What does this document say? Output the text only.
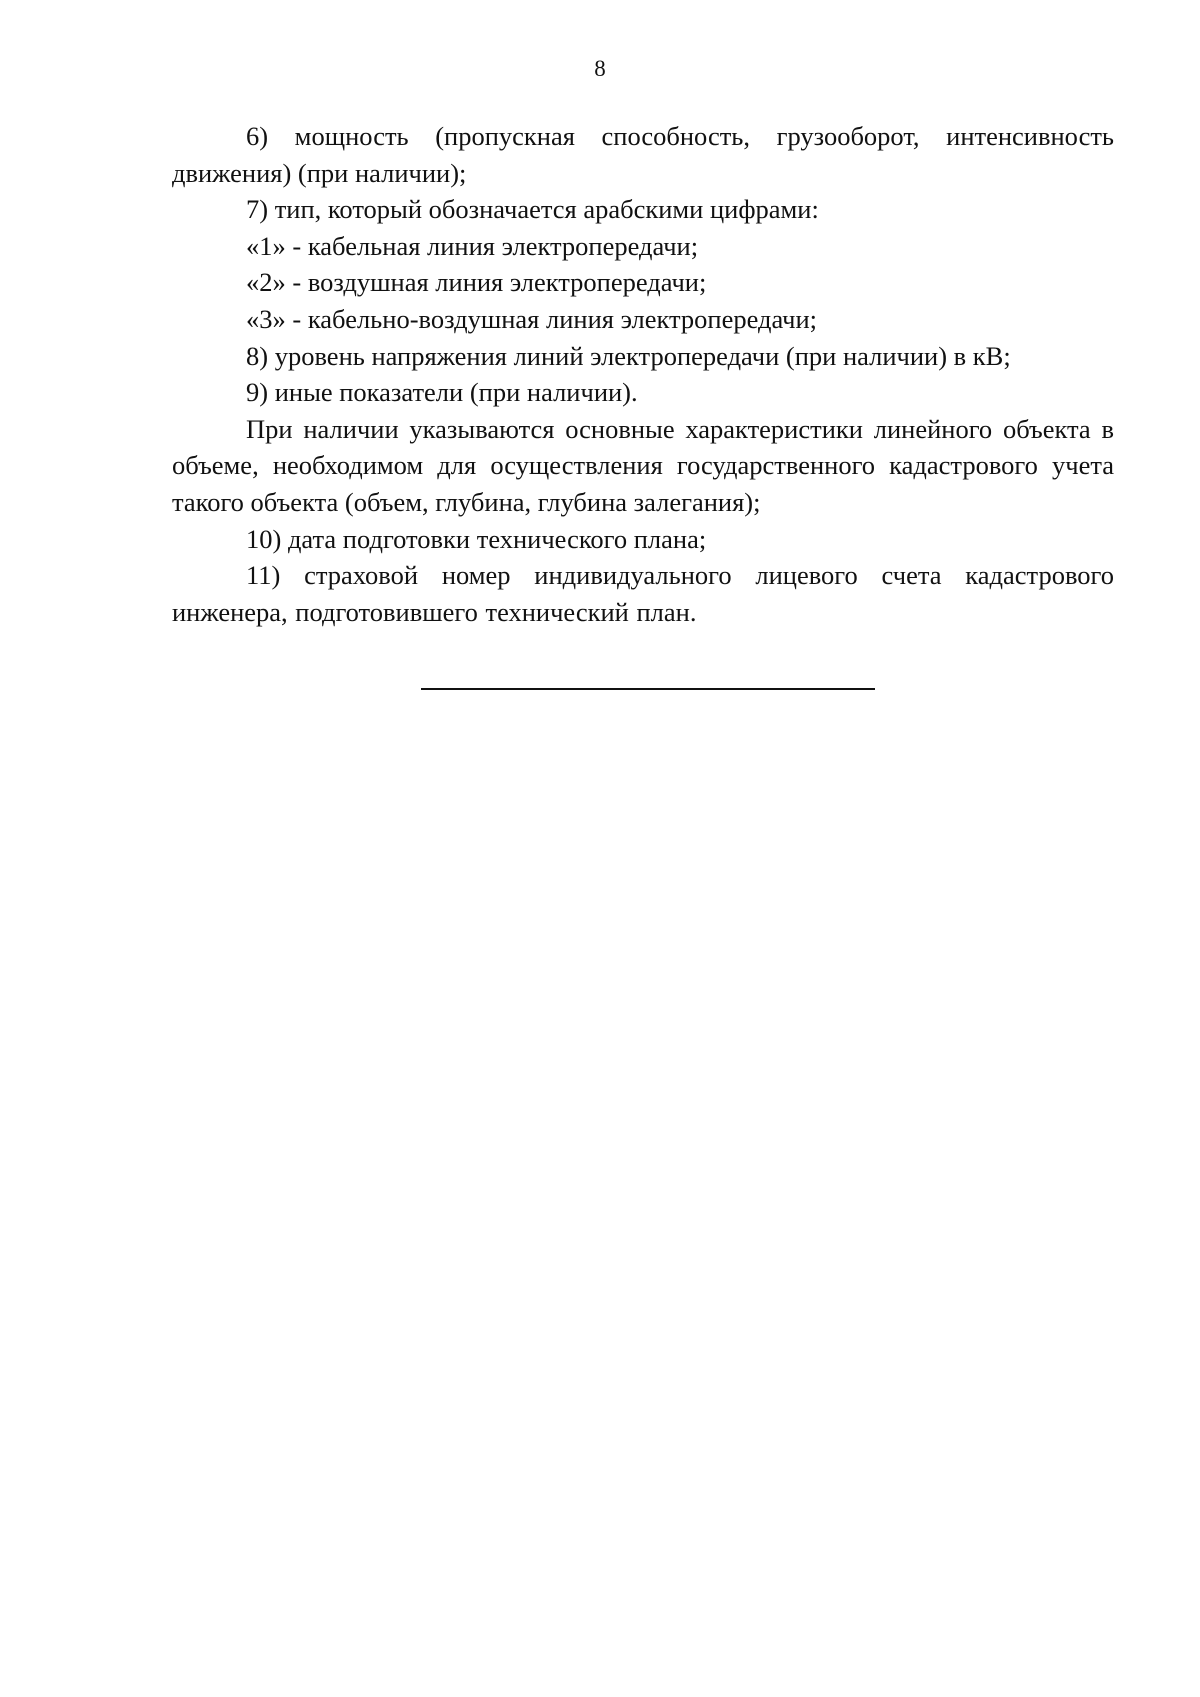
8

6) мощность (пропускная способность, грузооборот, интенсивность движения) (при наличии);

7) тип, который обозначается арабскими цифрами:

«1» - кабельная линия электропередачи;

«2» - воздушная линия электропередачи;

«3» - кабельно-воздушная линия электропередачи;

8) уровень напряжения линий электропередачи (при наличии) в кВ;

9) иные показатели (при наличии).

При наличии указываются основные характеристики линейного объекта в объеме, необходимом для осуществления государственного кадастрового учета такого объекта (объем, глубина, глубина залегания);

10) дата подготовки технического плана;

11) страховой номер индивидуального лицевого счета кадастрового инженера, подготовившего технический план.
